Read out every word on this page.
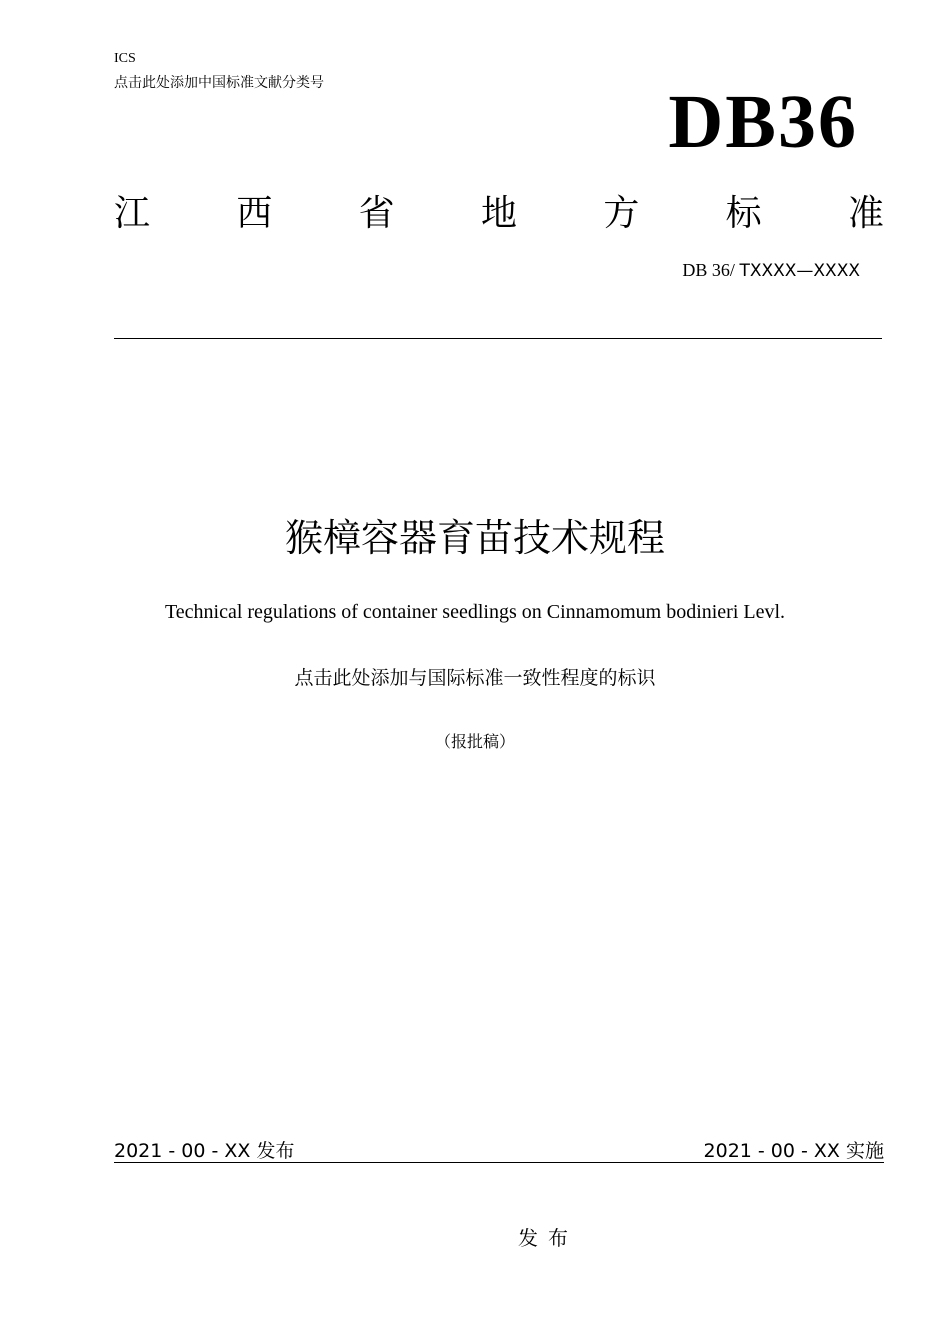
ICS
点击此处添加中国标准文献分类号	DB36
江 西 省 地 方 标 准
DB 36/ TXXXX—XXXX
猴樟容器育苗技术规程
Technical regulations of container seedlings on Cinnamomum bodinieri Levl.
点击此处添加与国际标准一致性程度的标识
（报批稿）
2021 - 00 - XX 发布	2021 - 00 - XX 实施
发布
